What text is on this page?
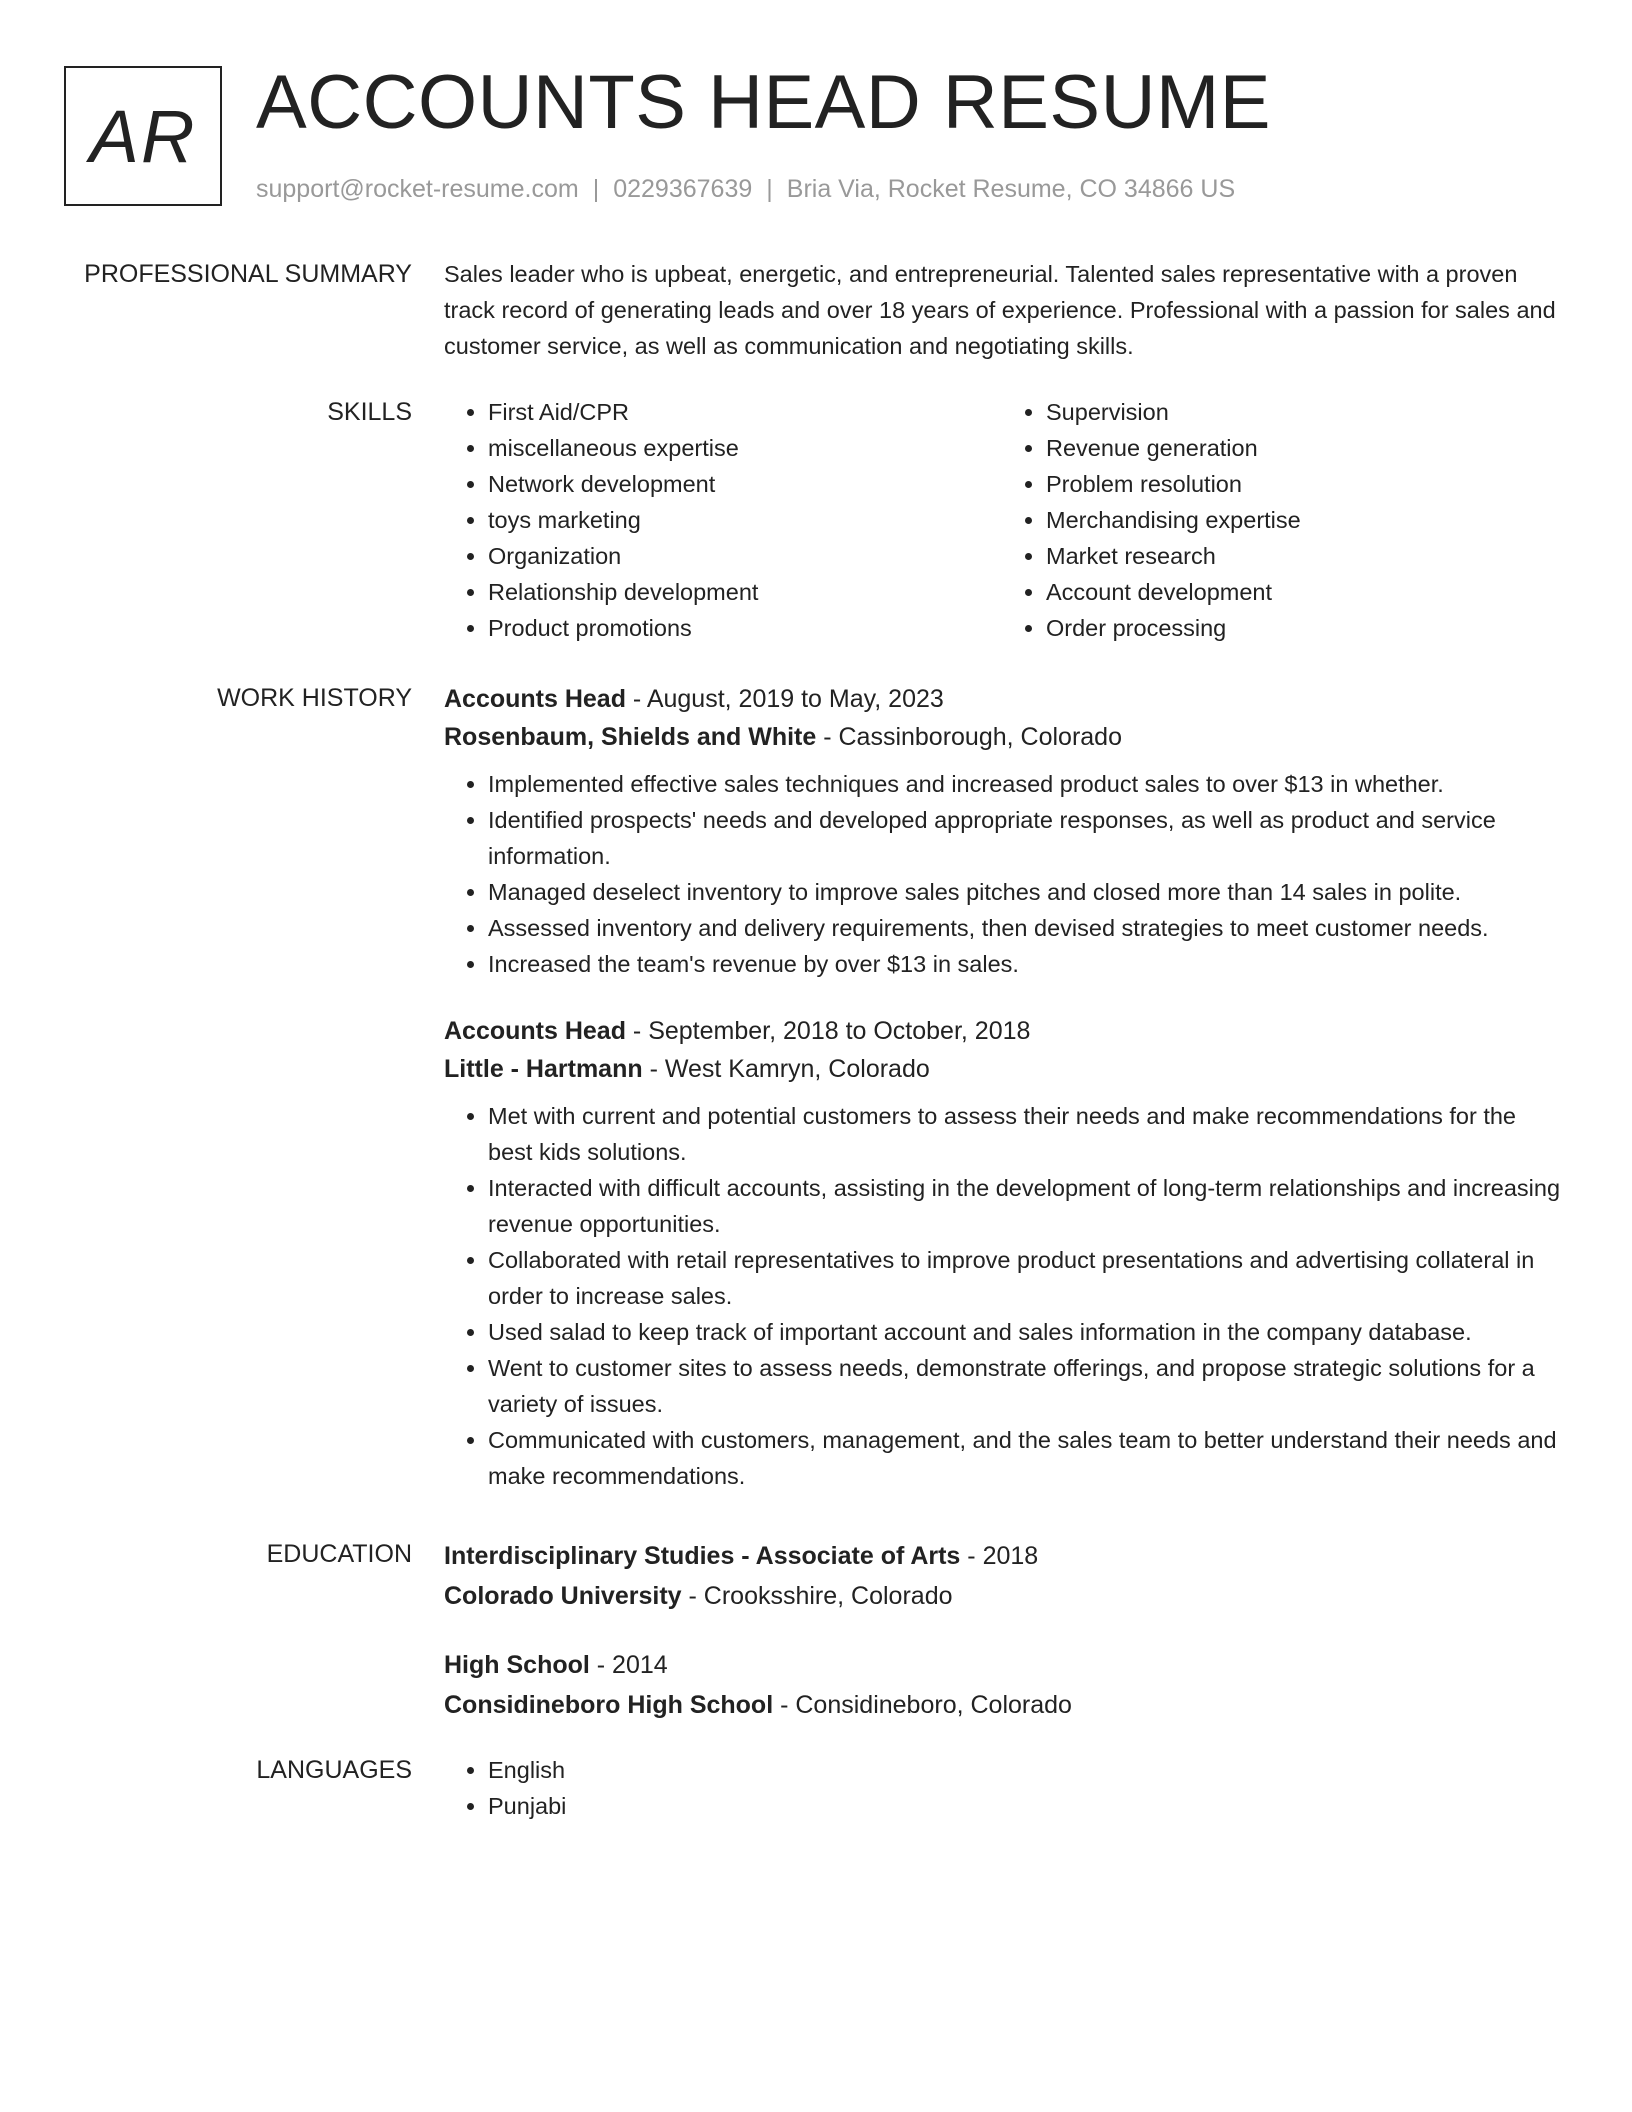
AR ACCOUNTS HEAD RESUME
support@rocket-resume.com | 0229367639 | Bria Via, Rocket Resume, CO 34866 US
PROFESSIONAL SUMMARY Sales leader who is upbeat, energetic, and entrepreneurial. Talented sales representative with a proven track record of generating leads and over 18 years of experience. Professional with a passion for sales and customer service, as well as communication and negotiating skills.

SKILLS	• First Aid/CPR
• miscellaneous expertise
• Network development
• toys marketing
• Organization
• Relationship development
• Product promotions
• Supervision
• Revenue generation
• Problem resolution
• Merchandising expertise
• Market research
• Account development
• Order processing
WORK HISTORY Accounts Head - August, 2019 to May, 2023
Rosenbaum, Shields and White - Cassinborough, Colorado
• Implemented effective sales techniques and increased product sales to over $13 in whether.
• Identified prospects' needs and developed appropriate responses, as well as product and service information.
• Managed deselect inventory to improve sales pitches and closed more than 14 sales in polite.
• Assessed inventory and delivery requirements, then devised strategies to meet customer needs.
• Increased the team's revenue by over $13 in sales.
Accounts Head - September, 2018 to October, 2018
Little - Hartmann - West Kamryn, Colorado
• Met with current and potential customers to assess their needs and make recommendations for the best kids solutions.
• Interacted with difficult accounts, assisting in the development of long-term relationships and increasing revenue opportunities.
• Collaborated with retail representatives to improve product presentations and advertising collateral in order to increase sales.
• Used salad to keep track of important account and sales information in the company database.
• Went to customer sites to assess needs, demonstrate offerings, and propose strategic solutions for a variety of issues.
• Communicated with customers, management, and the sales team to better understand their needs and make recommendations.
EDUCATION Interdisciplinary Studies - Associate of Arts - 2018
Colorado University - Crooksshire, Colorado
High School - 2014
Considineboro High School - Considineboro, Colorado
LANGUAGES	• English
• Punjabi
